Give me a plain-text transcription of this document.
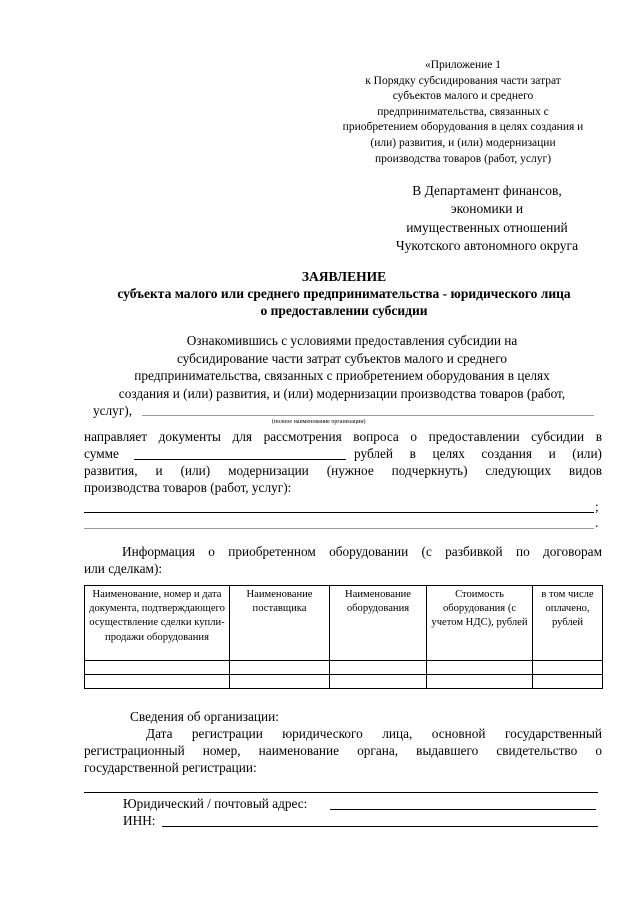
«Приложение 1
к Порядку субсидирования части затрат
субъектов малого и среднего
предпринимательства, связанных с
приобретением оборудования в целях создания и
(или) развития, и (или) модернизации
производства товаров (работ, услуг)
В Департамент финансов,
экономики и
имущественных отношений
Чукотского автономного округа
ЗАЯВЛЕНИЕ
субъекта малого или среднего предпринимательства - юридического лица
о предоставлении субсидии
Ознакомившись с условиями предоставления субсидии на
субсидирование части затрат субъектов малого и среднего
предпринимательства, связанных с приобретением оборудования в целях
создания и (или) развития, и (или) модернизации производства товаров (работ,
услуг),
(полное наименование организации)
направляет документы для рассмотрения вопроса о предоставлении субсидии в
сумме	рублей в целях создания и (или)
развития, и (или) модернизации (нужное подчеркнуть) следующих видов
производства товаров (работ, услуг):
;
.
Информация о приобретенном оборудовании (с разбивкой по договорам
или сделкам):
Наименование, номер и дата документа, подтверждающего осуществление сделки купли-продажи оборудования	Наименование поставщика	Наименование оборудования	Стоимость оборудования (с учетом НДС), рублей	в том числе оплачено, рублей

Сведения об организации:
Дата регистрации юридического лица, основной государственный
регистрационный номер, наименование органа, выдавшего свидетельство о
государственной регистрации:
Юридический / почтовый адрес:
ИНН:
